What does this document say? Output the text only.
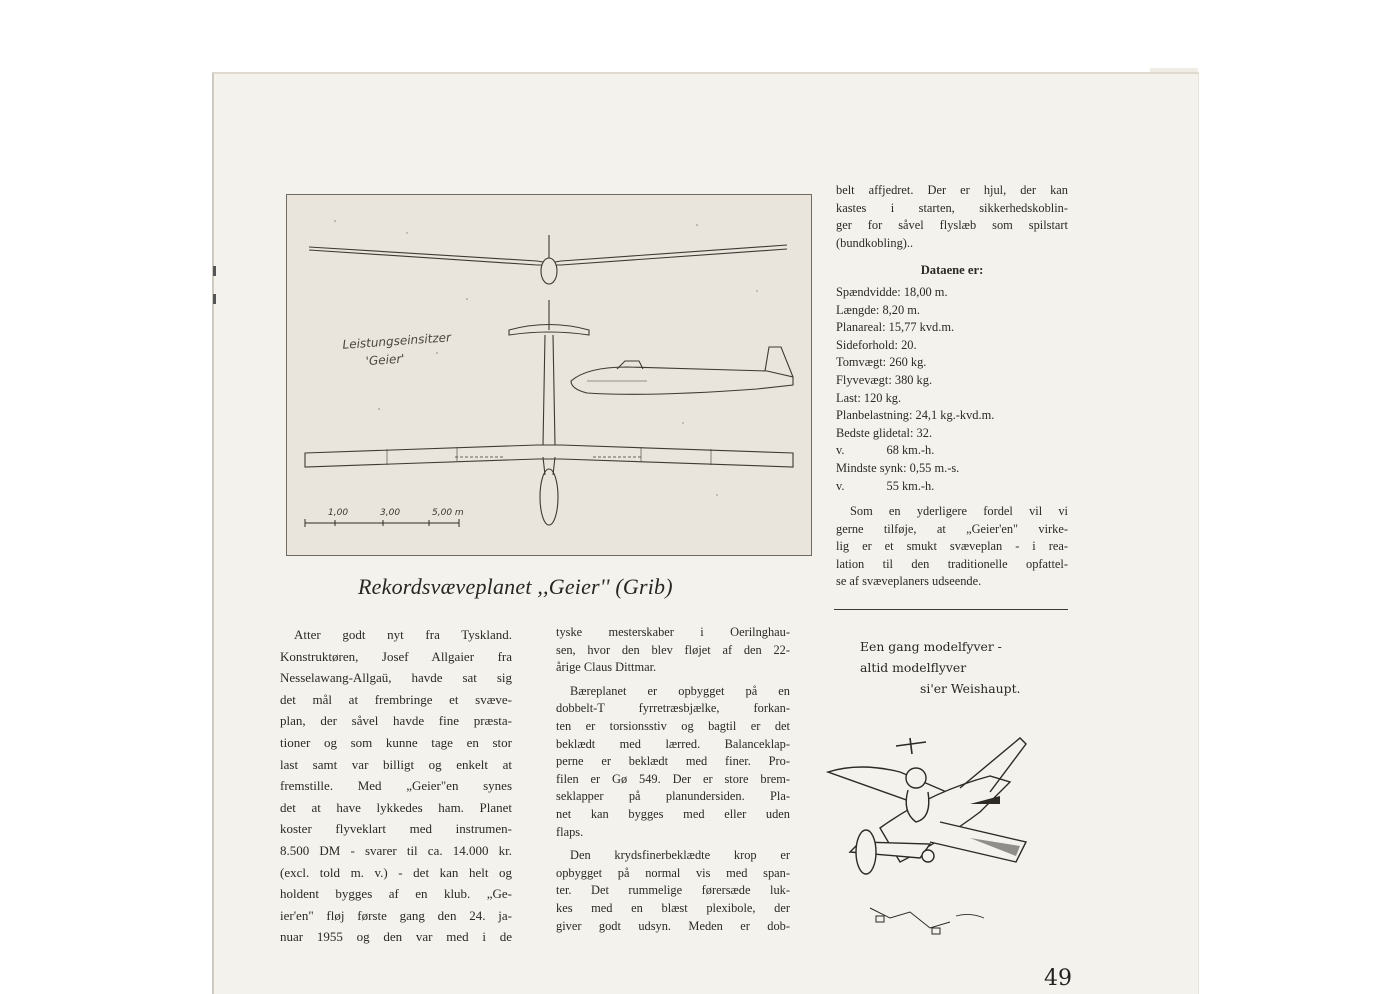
Leistungseinsitzer
'Geier'
1,00	3,00	5,00 m
Rekordsvæveplanet ,,Geier'' (Grib)
Atter godt nyt fra Tyskland.
Konstruktøren, Josef Allgaier fra
Nesselawang-Allgaü, havde sat sig
det mål at frembringe et svæve-
plan, der såvel havde fine præsta-
tioner og som kunne tage en stor
last samt var billigt og enkelt at
fremstille. Med „Geier"en synes
det at have lykkedes ham. Planet
koster flyveklart med instrumen-
8.500 DM - svarer til ca. 14.000 kr.
(excl. told m. v.) - det kan helt og
holdent bygges af en klub. „Ge-
ier'en" fløj første gang den 24. ja-
nuar 1955 og den var med i de

tyske mesterskaber i Oerilnghau-
sen, hvor den blev fløjet af den 22-
årige Claus Dittmar.

Bæreplanet er opbygget på en
dobbelt-T fyrretræsbjælke, forkan-
ten er torsionsstiv og bagtil er det
beklædt med lærred. Balanceklap-
perne er beklædt med finer. Pro-
filen er Gø 549. Der er store brem-
seklapper på planundersiden. Pla-
net kan bygges med eller uden
flaps.

Den krydsfinerbeklædte krop er
opbygget på normal vis med span-
ter. Det rummelige førersæde luk-
kes med en blæst plexibole, der
giver godt udsyn. Meden er dob-

belt affjedret. Der er hjul, der kan
kastes i starten, sikkerhedskoblin-
ger for såvel flyslæb som spilstart
(bundkobling)..
Dataene er:
Spændvidde: 18,00 m.
Længde: 8,20 m.
Planareal: 15,77 kvd.m.
Sideforhold: 20.
Tomvægt: 260 kg.
Flyvevægt: 380 kg.
Last: 120 kg.
Planbelastning: 24,1 kg.-kvd.m.
Bedste glidetal: 32.
v.	68 km.-h.
Mindste synk: 0,55 m.-s.
v.	55 km.-h.
Som en yderligere fordel vil vi
gerne tilføje, at „Geier'en" virke-
lig er et smukt svæveplan - i rea-
lation til den traditionelle opfattel-
se af svæveplaners udseende.
Een gang modelfyver -
altid modelflyver
si'er Weishaupt.
49
